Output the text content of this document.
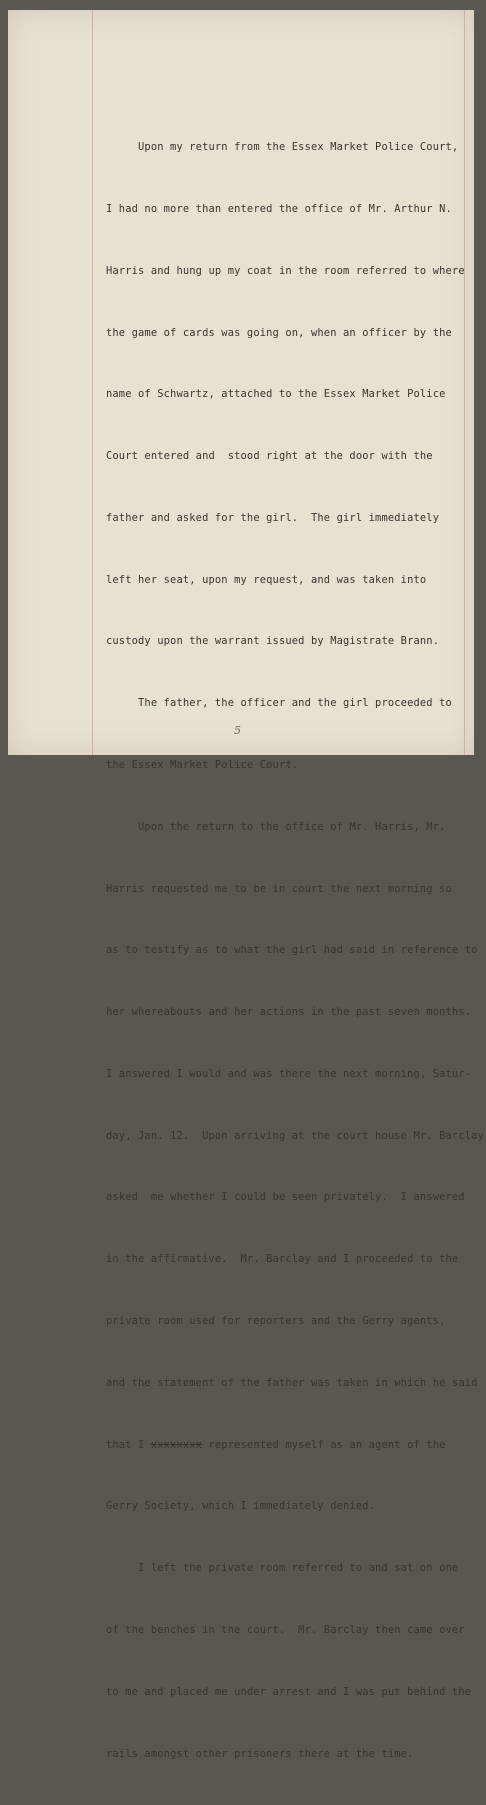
Upon my return from the Essex Market Police Court,

I had no more than entered the office of Mr. Arthur N.

Harris and hung up my coat in the room referred to where

the game of cards was going on, when an officer by the

name of Schwartz, attached to the Essex Market Police

Court entered and  stood right at the door with the

father and asked for the girl.  The girl immediately

left her seat, upon my request, and was taken into

custody upon the warrant issued by Magistrate Brann.

The father, the officer and the girl proceeded to

the Essex Market Police Court.

Upon the return to the office of Mr. Harris, Mr.

Harris requested me to be in court the next morning so

as to testify as to what the girl had said in reference to

her whereabouts and her actions in the past seven months.

I answered I would and was there the next morning, Satur-

day, Jan. 12.  Upon arriving at the court house Mr. Barclay

asked  me whether I could be seen privately.  I answered

in the affirmative.  Mr. Barclay and I proceeded to the

private room used for reporters and the Gerry agents,

and the statement of the father was taken in which he said

that I xxxxxxxx represented myself as an agent of the

Gerry Society, which I immediately denied.

I left the private room referred to and sat on one

of the benches in the court.  Mr. Barclay then came over

to me and placed me under arrest and I was put behind the

rails amongst other prisoners there at the time.

5
